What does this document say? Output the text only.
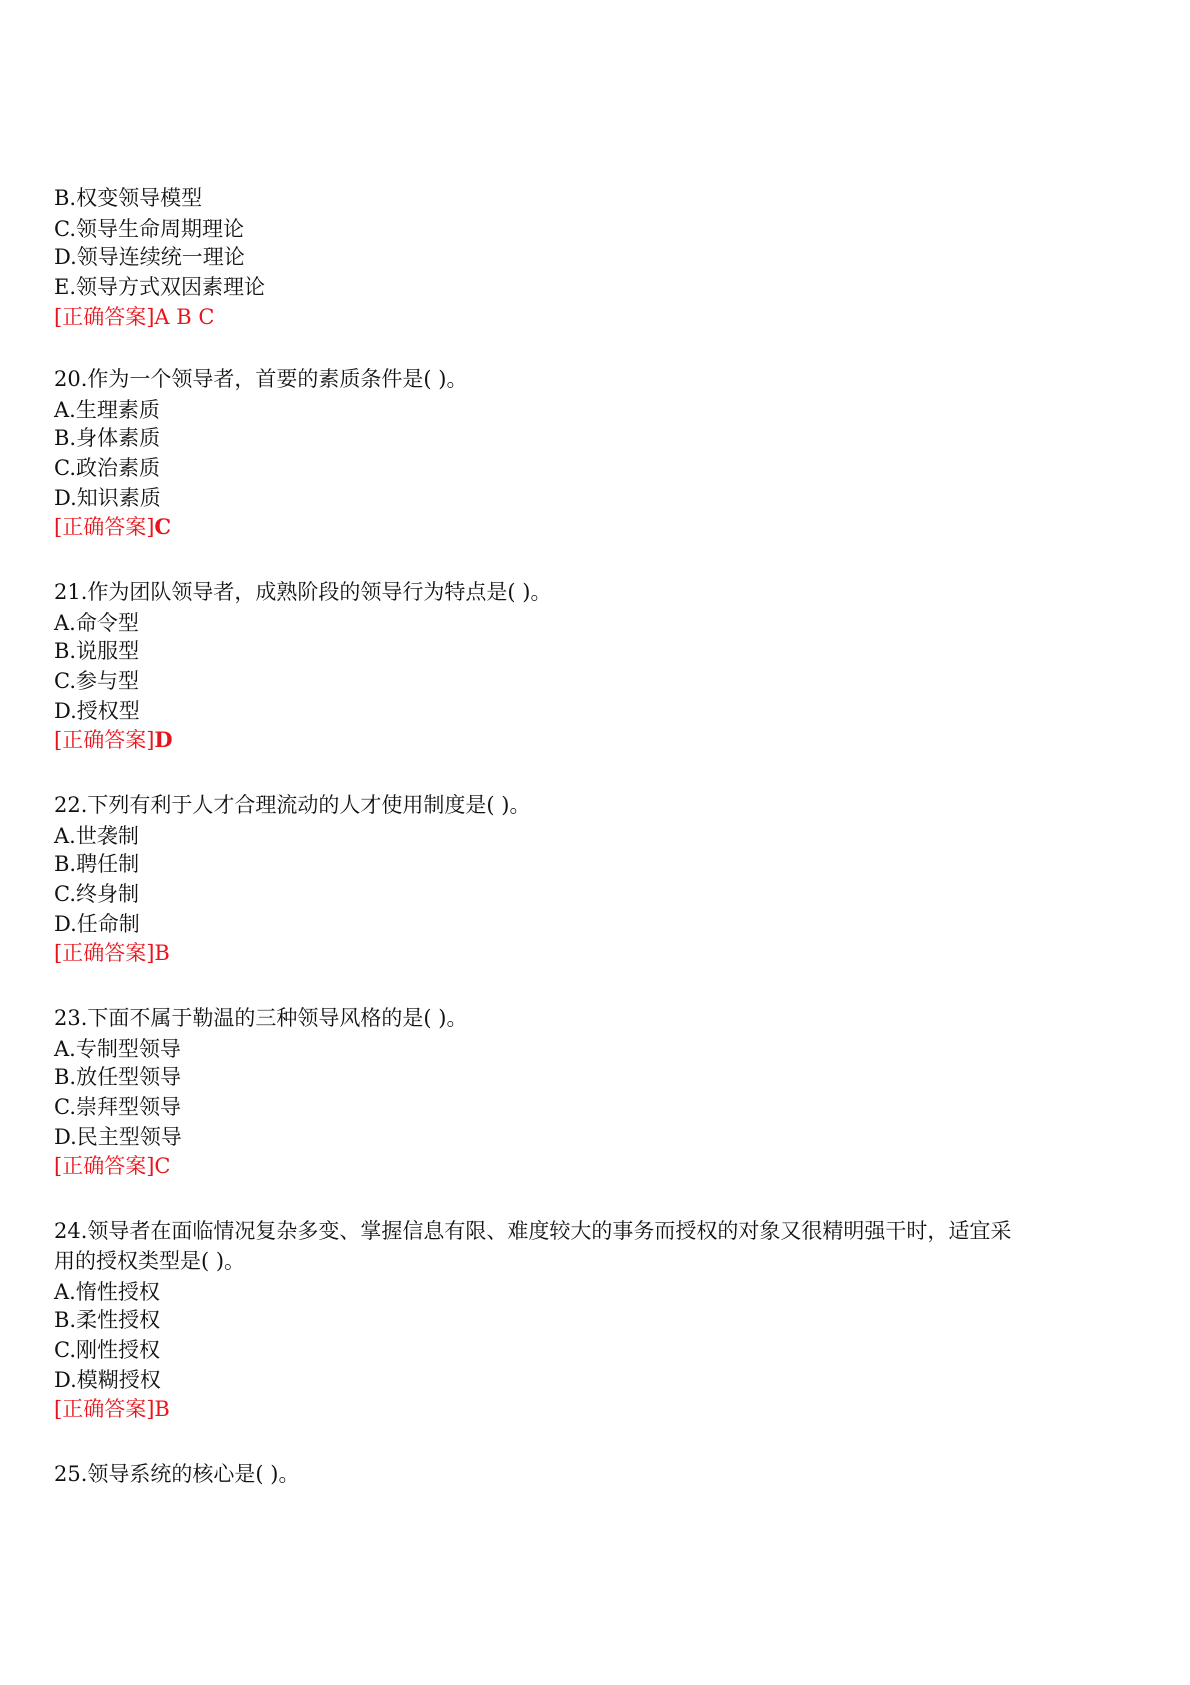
B.权变领导模型
C.领导生命周期理论
D.领导连续统一理论
E.领导方式双因素理论
[正确答案]A B C
20.作为一个领导者，首要的素质条件是( )。
A.生理素质
B.身体素质
C.政治素质
D.知识素质
[正确答案]C
21.作为团队领导者，成熟阶段的领导行为特点是( )。
A.命令型
B.说服型
C.参与型
D.授权型
[正确答案]D
22.下列有利于人才合理流动的人才使用制度是( )。
A.世袭制
B.聘任制
C.终身制
D.任命制
[正确答案]B
23.下面不属于勒温的三种领导风格的是( )。
A.专制型领导
B.放任型领导
C.崇拜型领导
D.民主型领导
[正确答案]C
24.领导者在面临情况复杂多变、掌握信息有限、难度较大的事务而授权的对象又很精明强干时，适宜采
用的授权类型是( )。
A.惰性授权
B.柔性授权
C.刚性授权
D.模糊授权
[正确答案]B
25.领导系统的核心是( )。
